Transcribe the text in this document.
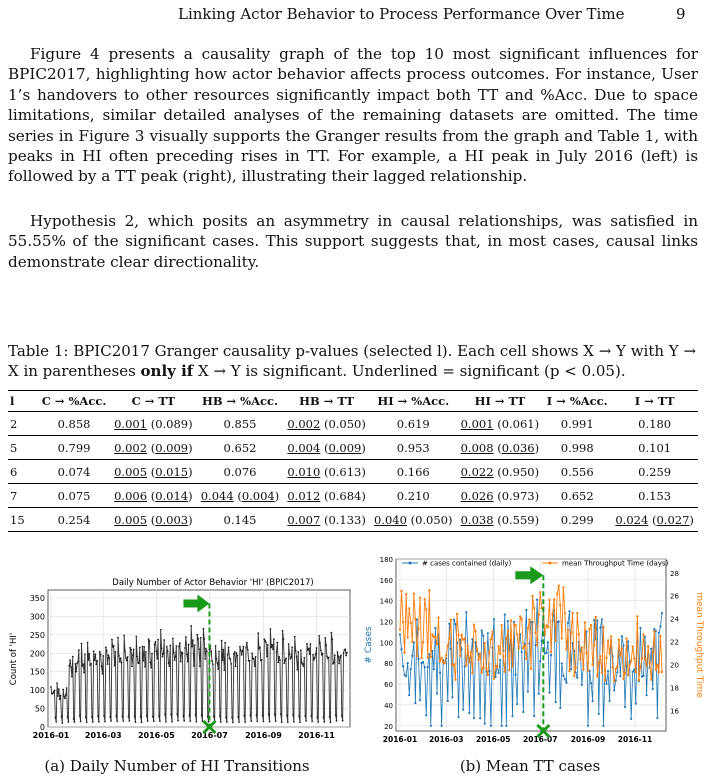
Linking Actor Behavior to Process Performance Over Time	9
Figure 4 presents a causality graph of the top 10 most significant influences for BPIC2017, highlighting how actor behavior affects process outcomes. For instance, User 1’s handovers to other resources significantly impact both TT and %Acc. Due to space limitations, similar detailed analyses of the remaining datasets are omitted. The time series in Figure 3 visually supports the Granger results from the graph and Table 1, with peaks in HI often preceding rises in TT. For example, a HI peak in July 2016 (left) is followed by a TT peak (right), illustrating their lagged relationship.
Hypothesis 2, which posits an asymmetry in causal relationships, was satisfied in 55.55% of the significant cases. This support suggests that, in most cases, causal links demonstrate clear directionality.
Table 1: BPIC2017 Granger causality p-values (selected l). Each cell shows X → Y with Y → X in parentheses only if X → Y is significant. Underlined = significant (p < 0.05).
l	C → %Acc.	C → TT	HB → %Acc.	HB → TT	HI → %Acc.	HI → TT	I → %Acc.	I → TT
2	0.858	0.001 (0.089)	0.855	0.002 (0.050)	0.619	0.001 (0.061)	0.991	0.180
5	0.799	0.002 (0.009)	0.652	0.004 (0.009)	0.953	0.008 (0.036)	0.998	0.101
6	0.074	0.005 (0.015)	0.076	0.010 (0.613)	0.166	0.022 (0.950)	0.556	0.259
7	0.075	0.006 (0.014)	0.044 (0.004)	0.012 (0.684)	0.210	0.026 (0.973)	0.652	0.153
15	0.254	0.005 (0.003)	0.145	0.007 (0.133)	0.040 (0.050)	0.038 (0.559)	0.299	0.024 (0.027)
Daily Number of Actor Behavior 'HI' (BPIC2017)
0
50
100
150
200
250
300
350
2016-01 2016-03 2016-05 2016-07 2016-09 2016-11
Count of 'HI'
(a) Daily Number of HI Transitions
20
40
60
80
100
120
140
160
180
16
18
20
22
24
26
28
2016-01 2016-03 2016-05 2016-07 2016-09 2016-11
# Cases	mean Throughput Time
# cases contained (daily)	mean Throughput Time (days)
(b) Mean TT cases
